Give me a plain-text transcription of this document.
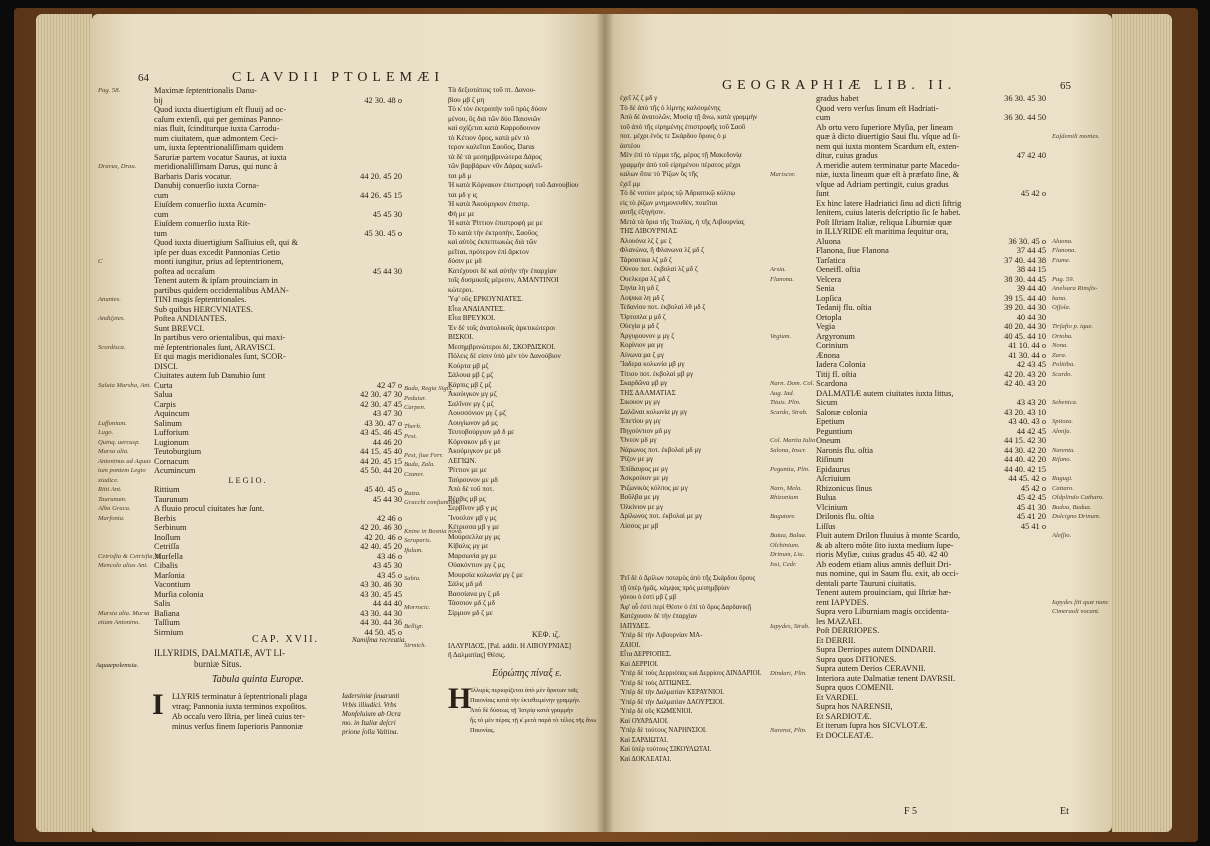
64	CLAVDII PTOLEMÆI
Pag. 58.
Dravus, Drau.
C
Anuntes.
Andiζetes.
Scordisca.
Saluia Marsha, Ant.
Luffonium.
Lugo.
Quinq. uercusp.
Mursa alia.
Antoninus ad Aquas
tum pontem Legio
xiadice.
Ritti Ant.
Taurunum.
Alba Graca.
Marfonia.
Cetrisfia & Cetrisfia, B.
Mencolo alias Ant.
Mursia alia. Mursa
etiam Antonino.
Maximæ ſeptentrionalis Danu-
bij	42 30. 48 o
Quod iuxta diuertigium eſt fluuij ad oc-
caſum extenſi, qui per geminas Panno-
nias fluit, ſcinditurque iuxta Carrodu-
num ciuitatem, quæ admontem Ceci-
um, iuxta ſeptentrionaliſſimam quidem
Saruriæ partem vocatur Saurus, at iuxta
meridionaliſſimam Darus, qui nunc à
Barbaris Daris vocatur.	44 20. 45 20
Danubij conuerſio iuxta Corna-
cum	44 26. 45 15
Eiuſdem conuerſio iuxta Acumin-
cum	45 45 30
Eiuſdem conuerſio iuxta Rit-
tum	45 30. 45 o
Quod iuxta diuertigium Saſſiuius eſt, qui &
ipſe per duas excedit Pannonias Cetio
monti iungitur, prius ad ſeptentrionem,
poſtea ad occaſum	45 44 30
Tenent autem & ipſam prouinciam in
partibus quidem occidentalibus AMAN-
TINI magis ſeptentrionales.
Sub quibus HERCVNIATES.
Poſtea ANDIANTES.
Sunt BREVCI.
In partibus vero orientalibus, qui maxi-
mè ſeptentrionales ſunt, ARAVISCI.
Et qui magis meridionales ſunt, SCOR-
DISCI.
Ciuitates autem ſub Danubio ſunt
Curta	42 47 o
Salua	42 30. 47 30
Carpis	42 30. 47 45
Aquincum	43 47 30
Salinum	43 30. 47 o
Lufforium	43 45. 46 45
Lugionum	44 46 20
Teutoburgium	44 15. 45 40
Cornacum	44 20. 45 15
Acumincum	45 50. 44 20
LEGIO.
Rittium	45 40. 45 o
Taurunum	45 44 30
A fluuio procul ciuitates hæ ſunt.
Berbis	42 46 o
Serbinum	42 20. 46 30
Inoſlum	42 20. 46 o
Cetriſſa	42 40. 45 20
Murſella	43 46 o
Cibalis	43 45 30
Marſonia	43 45 o
Vacontium	43 30. 46 30
Murſia colonia	43 30. 45 45
Salis	44 44 40
Baſiana	43 30. 44 30
Taſſium	44 30. 44 36
Sirmium	44 50. 45 o
Buda, Regia Sigis.
Peduiur.
Carpen.
Therb.
Pest.
Pest, ſiue Ferr.
Buda, Zala.
Czaner.
Ratza.
Gracchi conſtantium.
Knine in Bosnia nova.
Seruparis.
Ifulum.
Sabia.
Morrocic.
Belligr.
Sirmich.
Τὰ δεξιοτάτοις τοῦ πτ. Δανου-
βίου μβ ζ μη
Τὸ κ̓ τὸν ἐκτροπὴν τοῦ πρὸς δύσιν
μένου, ὃς διὰ τῶν δύο Παιονιῶν
καὶ σχίζεται κατὰ Καρροδουνον
τὸ Κέτιον ὄρος, κατὰ μὲν τὸ
τερον καλεῖται Σαοῦος, Darus
τὰ δὲ τὰ μεσημβρινώτερα Δάρος
τῶν βαρβάρων νῦν Δάρας καλεῖ-
ται μδ μ
Ἡ κατὰ Κόρνακον ἐπιστροφὴ τοῦ Δανουβίου
ται μδ γ ις
Ἡ κατὰ Ἀκούμιγκον ἐπιστρ.
Φὴ με με
Ἡ κατὰ Ῥίττιον ἐπιστροφὴ με με
Τὸ κατὰ τὴν ἐκτροπὴν, Σαοῦος
καὶ αὐτὸς ἐκπεπτωκὼς διὰ τῶν
μεῖται, πρότερον ἐπὶ ἄρκτον
δύσιν με μδ
Κατέχουσι δὲ καὶ αὐτὴν τὴν ἐπαρχίαν
τοῖς δυσμικοῖς μέρεσιν, ΑΜΑΝΤΙΝΟΙ
κώτεροι.
Ὑφ' οὓς ΕΡΚΟΥΝΙΑΤΕΣ.
Εἶτα ΑΝΔΙΑΝΤΕΣ.
Εἶτα ΒΡΕΥΚΟΙ.
Ἐν δὲ τοῖς ἀνατολικοῖς ἀρκτικώτεροι
ΒΙΣΚΟΙ.
Μεσημβρινώτεροι δὲ, ΣΚΟΡΔΙΣΚΟΙ.
Πόλεις δὲ εἰσιν ὑπὸ μὲν τὸν Δανούβιον
Κούρτα μβ μζ
Σάλουα μβ ζ μζ
Κάρπις μβ ζ μζ
Ἀκούιγκον μγ μζ
Σαλῖνον μγ ζ μζ
Λουσσόνιον μγ ζ μζ
Λουγίωνον μδ μς
Τευτοβούργιον μδ δ με
Κόρνακον μδ γ με
Ἀκούμιγκον με μδ
ΛΕΓΙΩΝ.
Ῥίττιον με με
Ταύρουνον με μδ
Ἀπὸ δὲ τοῦ ποτ.
Βέρβις μβ μς
Σερβῖνον μβ γ μς
Ἴνοσλον μβ γ μς
Κέτρισσα μβ γ με
Μούρσελλα μγ μς
Κίβαλις μγ με
Μαρσωνία μγ με
Οὐακόντιον μγ ζ μς
Μουρσία κολωνία μγ ζ με
Σάλις μδ μδ
Βασσίανα μγ ζ μδ
Τάσσιον μδ ζ μδ
Σίρμιον μδ ζ με
Aquaepolemsia.
CAP. XVII.	Namiſma recreatia.
ILLYRIDIS, DALMATIÆ, AVT LI-
burniæ Situs.
Tabula quinta Europæ.
I LLYRIS terminatur à ſeptentrionali plaga
vtraq; Pannonia iuxta terminos expoſitos.
Ab occaſu vero Iſtria, per lineã cuius ter-
minus verſus finem ſuperioris Pannoniæ
Iadersiniæ ſeuarunti
Vrbis illiudici. Vrbs
Monfeluium ab Ocra
mo. in Italiæ deſcri
prione ſolla Valtina.
ΚΕΦ. ιζ.
ΙΛΛΥΡΙΔΟΣ, [Pal. addit. Η ΛΙΒΟΥΡΝΙΑΣ]
ἢ Δαλματίας] Θέσις.
Εὐρώπης πίναξ ε.
Η
Ἰλλυρὶς περιορίζεται ἀπὸ μὲν ἄρκτων ταῖς
Παιονίαις κατὰ τὴν ἐκτεθειμένην γραμμήν.
Ἀπὸ δὲ δύσεως τῇ Ἰστρίᾳ κατὰ γραμμὴν
ἧς τὸ μὲν πέρας τῇ κ̓ μετὰ παρὰ τὸ τέλος τῆς ἄνω Παιονίας.
GEOGRAPHIÆ LIB. II.	65
ἐχεῖ λζ ζ μδ γ
Τὸ δὲ ἀπὸ τῆς ὁ λίμνης καλουμένης
Ἀπὸ δὲ ἀνατολῶν, Μυσίᾳ τῇ ἄνω, κατὰ γραμμὴν
τοῦ ἀπὸ τῆς εἰρημένης ἐπιστροφῆς τοῦ Σαοῦ
ποτ. μέχρι ἑνὸς τε Σκάρδου ὄρους ὁ μ
ἀστέου
Μὲν ἐπὶ τὸ τέρμα τῆς, μέρος τῇ Μακεδονίᾳ
γραμμὴν ἀπὸ τοῦ εἰρημένου πέρατος μέχρι
καλων ὅπιε τὸ Ῥίζων ὃς τῆς
ἐχεῖ μμ
Τὸ δὲ νοτίον μέρος τῷ Ἀδριατικῷ κόλπῳ
εἰς τὸ ῥίζων μνημονευθὲν, ποιεῖται
αυτῆς ἐξηγήσιν.
Μετὰ τὰ ὄρια τῆς Ἰταλίας, ἡ τῆς Λιβουρνίας
ΤΗΣ ΛΙΒΟΥΡΝΙΑΣ
Ἀλουόνα λζ ζ με ζ
Φλανώνα, ἢ Φλανωνα λζ μδ ζ
Τάρσατικα λζ μδ ζ
Οὐνου ποτ. ἐκβολαὶ λζ μδ ζ
Ουελκερα λζ μδ ζ
Σηνία λη μδ ζ
Λοψικα λη μδ ζ
Τεδανίου ποτ. ἐκβολαὶ λθ μδ ζ
Ὄρτοπλα μ μδ ζ
Οὐεγία μ μδ ζ
Ἀργυρουνον μ μγ ζ
Κορίνιον μα μγ
Αἰνωνα μα ζ μγ
Ἴαδερα κολωνία μβ μγ
Τίτιου ποτ. ἐκβολαὶ μβ μγ
Σκαρδῶνα μβ μγ
ΤΗΣ ΔΑΛΜΑΤΙΑΣ
Σικουον μγ μγ
Σαλῶναι κολωνία μγ μγ
Ἐπετίου μγ μγ
Πηγούντιον μδ μγ
Ὄνεον μδ μγ
Νάρωνος ποτ. ἐκβολαὶ μδ μγ
Ῥίζον με μγ
Ἐπίδαυρος με μγ
Ἀσκρούιον με μγ
Ῥιζωνικὸς κόλπος με μγ
Βοῦλβα με μγ
Ὀλκίνιον με μγ
Δρίλωνος ποτ. ἐκβολαὶ με μγ
Λίσσος με μβ
Mariscor.
Arsia.
Flanona.
Vegium.
Narn. Dom. Col.
Aug. Iad.
Tituis. Plin.
Scardo, Strab.
Col. Martia Iulia
Salona, Inscr.
Pegantia, Plin.
Naro, Mela.
Rhizonium
Bagutore.
Butua, Bulua.
Olchinium.
Drinum, Liu.
Issi, Cedr.
Ῥεῖ δὲ ὁ Δρίλων ποταμὸς ἀπὸ τῆς Σκάρδου ὄρους
τῇ ὑπὲρ ἡμᾶς, κάμψας πρὸς μεσημβρίαν
γόνου ὁ ἐστὶ μβ ζ μβ
Ἀφ' οὗ ἐστὶ περὶ Θέσιν ὁ ἐπὶ τὸ ὄρος Δαρδανικῇ
Κατέχουσιν δὲ τὴν ἐπαρχίαν
ΙΑΠΥΔΕΣ.
Ὑπὲρ δὲ τὴν Λιβουρνίαν ΜΑ-
ΖΑΙΟΙ.
Εἶτα ΔΕΡΡΙΟΠΕΣ.
Καὶ ΔΕΡΡΙΟΙ.
Ὑπὲρ δὲ τοὺς Δερριόπας καὶ Δερρίους ΔΙΝΔΑΡΙΟΙ.
Ὑπὲρ δὲ τοὺς ΔΙΤΙΩΝΕΣ.
Ὑπὲρ δὲ τὴν Δαλματίαν ΚΕΡΑΥΝΙΟΙ.
Ὑπὲρ δὲ τὴν Δαλματίαν ΔΑΟΥΡΣΙΟΙ.
Ὑπὲρ δὲ οὓς ΚΩΜΕΝΙΟΙ.
Καὶ ΟΥΑΡΔΑΙΟΙ.
Ὑπὲρ δὲ τούτους ΝΑΡΗΝΣΙΟΙ.
Καὶ ΣΑΡΔΙΩΤΑΙ.
Καὶ ὑπὲρ τούτους ΣΙΚΟΥΛΩΤΑΙ.
Καὶ ΔΟΚΛΕΑΤΑΙ.
Iapydes, Strab.
Dindari, Plin.
Narensi, Plin.
gradus habet	36 30. 45 30
Quod vero verſus ſinum eſt Hadriati-
cum	36 30. 44 50
Ab ortu vero ſuperiore Myſia, per lineam
quæ à dicto diuertigio Saui flu. vſque ad ſi-
nem qui iuxta montem Scardum eſt, exten-
ditur, cuius gradus	47 42 40
A meridie autem terminatur parte Macedo-
niæ, iuxta lineam quæ eſt à præfato ſine, &
vſque ad Adriam pertingit, cuius gradus
ſunt	45 42 o
Ex hinc latere Hadriatici ſinu ad dicti ſiftrig
lenitem, cuius lateris deſcriptio ſic ſe habet.
Poſt Iſtriam Italiæ, reliqua Liburniæ quæ
in ILLYRIDE eſt maritima ſequitur ora,
Aluona	36 30. 45 o
Flanona, ſiue Flanona	37 44 45
Tarſatica	37 40. 44 38
Oeneifl. oſtia	38 44 15
Velcera	38 30. 44 45
Senia	39 44 40
Lopſica	39 15. 44 40
Tedanij flu. oſtia	39 20. 44 30
Ortopla	40 44 30
Vegia	40 20. 44 30
Argyronum	40 45. 44 10
Corinium	41 10. 44 o
Ænona	41 30. 44 o
Iadera Colonia	42 43 45
Titij fl. oſtia	42 20. 43 20
Scardona	42 40. 43 20
DALMATIÆ autem ciuitates iuxta littus,
Sicum	43 43 20
Salonæ colonia	43 20. 43 10
Epetium	43 40. 43 o
Peguntium	44 42 45
Oneum	44 15. 42 30
Naronis flu. oſtia	44 30. 42 20
Riſinum	44 40. 42 20
Epidaurus	44 40. 42 15
Aſcriuium	44 45. 42 o
Rhizonicus ſinus	45 42 o
Bulua	45 42 45
Vlcinium	45 41 30
Drilonis flu. oſtia	45 41 20
Liſſus	45 41 o
Fluit autem Drilon fluuius à monte Scardo,
& ab altero mõte ſito iuxta medium ſupe-
rioris Myſiæ, cuius gradus 45 40. 42 40
Ab eodem etiam alius amnis defluit Dri-
nus nomine, qui in Saum flu. exit, ab occi-
dentali parte Tauruni ciuitatis.
Tenent autem prouinciam, qui Iſtriæ hæ-
rent IAPYDES.
Supra vero Liburniam magis occidenta-
les MAZAEI.
Poſt DERRIOPES.
Et DERRII.
Supra Derriopes autem DINDARII.
Supra quos DITIONES.
Supra autem Derios CERAVNII.
Interiora aute Dalmatiæ tenent DAVRSII.
Supra quos COMENII.
Et VARDEI.
Supra hos NARENSII,
Et SARDIOTÆ.
Et iterum ſupra hos SICVLOTÆ.
Et DOCLEATÆ.
Eaſdemili montes.
Aluona.
Flanona.
Fiume.
Pag. 59.
Anelsara Rinsſis-
bana.
Oſſola.
Tirſafio p. ique.
Ortoba.
Nona.
Zara.
Politiba.
Scardo.
Sebenica.
Spitoza.
Almiſa.
Narenta.
Riſano.
Ragugi.
Cattaro.
Oldplindo Catharo.
Budoa, Budua.
Dolcigno Drinum.
Aleſſio.
Iapydes ſiti quæ nunc
Cimeraoli vocant.
F 5	Et
